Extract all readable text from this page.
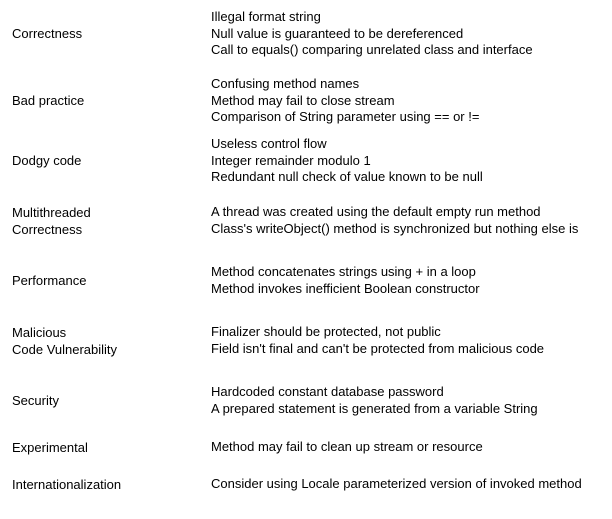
Correctness
Illegal format string
Null value is guaranteed to be dereferenced
Call to equals() comparing unrelated class and interface
Bad practice
Confusing method names
Method may fail to close stream
Comparison of String parameter using == or !=
Dodgy code
Useless control flow
Integer remainder modulo 1
Redundant null check of value known to be null
Multithreaded
Correctness
A thread was created using the default empty run method
Class's writeObject() method is synchronized but nothing else is
Performance
Method concatenates strings using + in a loop
Method invokes inefficient Boolean constructor
Malicious
Code Vulnerability
Finalizer should be protected, not public
Field isn't final and can't be protected from malicious code
Security
Hardcoded constant database password
A prepared statement is generated from a variable String
Experimental	Method may fail to clean up stream or resource
Internationalization	Consider using Locale parameterized version of invoked method
